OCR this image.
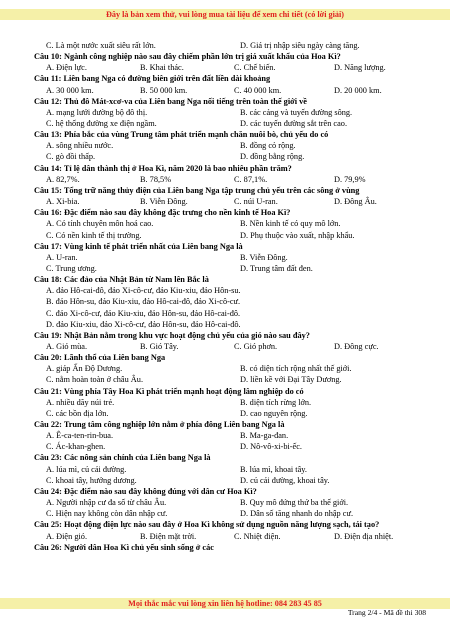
Đây là bản xem thử, vui lòng mua tài liệu để xem chi tiết (có lời giải)
C. Là một nước xuất siêu rất lớn.	D. Giá trị nhập siêu ngày càng tăng.
Câu 10: Ngành công nghiệp nào sau đây chiếm phần lớn trị giá xuất khẩu của Hoa Kì?
A. Điện lực.	B. Khai thác.	C. Chế biến.	D. Năng lượng.
Câu 11: Liên bang Nga có đường biên giới trên đất liền dài khoảng
A. 30 000 km.	B. 50 000 km.	C. 40 000 km.	D. 20 000 km.
Câu 12: Thủ đô Mát-xcơ-va của Liên bang Nga nối tiếng trên toàn thế giới về
A. mạng lưới đường bộ đô thị.	B. các cảng và tuyến đường sông.
C. hệ thống đường xe điện ngầm.	D. các tuyến đường sắt trên cao.
Câu 13: Phía bắc của vùng Trung tâm phát triển mạnh chăn nuôi bò, chủ yếu do có
A. sông nhiều nước.	B. đồng cỏ rộng.
C. gò đồi thấp.	D. đồng bằng rộng.
Câu 14: Tỉ lệ dân thành thị ở Hoa Kì, năm 2020 là bao nhiêu phần trăm?
A. 82,7%.	B. 78,5%	C. 87,1%.	D. 79,9%
Câu 15: Tổng trữ năng thủy điện của Liên bang Nga tập trung chủ yếu trên các sông ở vùng
A. Xi-bia.	B. Viễn Đông.	C. núi U-ran.	D. Đông Âu.
Câu 16: Đặc điểm nào sau đây không đặc trưng cho nền kinh tế Hoa Kì?
A. Có tính chuyên môn hoá cao.	B. Nền kinh tế có quy mô lớn.
C. Có nền kinh tế thị trường.	D. Phụ thuộc vào xuất, nhập khẩu.
Câu 17: Vùng kinh tế phát triển nhất của Liên bang Nga là
A. U-ran.	B. Viễn Đông.
C. Trung ương.	D. Trung tâm đất đen.
Câu 18: Các đảo của Nhật Bản từ Nam lên Bắc là
A. đảo Hô-cai-đô, đảo Xi-cô-cư, đảo Kiu-xiu, đảo Hôn-su.
B. đảo Hôn-su, đảo Kiu-xiu, đảo Hô-cai-đô, đảo Xi-cô-cư.
C. đảo Xi-cô-cư, đảo Kiu-xiu, đảo Hôn-su, đảo Hô-cai-đô.
D. đảo Kiu-xiu, đảo Xi-cô-cư, đảo Hôn-su, đảo Hô-cai-đô.
Câu 19: Nhật Bản nằm trong khu vực hoạt động chủ yếu của gió nào sau đây?
A. Gió mùa.	B. Gió Tây.	C. Gió phơn.	D. Đông cực.
Câu 20: Lãnh thổ của Liên bang Nga
A. giáp Ấn Độ Dương.	B. có diện tích rộng nhất thế giới.
C. nằm hoàn toàn ở châu Âu.	D. liền kề với Đại Tây Dương.
Câu 21: Vùng phía Tây Hoa Kì phát triển mạnh hoạt động lâm nghiệp do có
A. nhiều dãy núi trẻ.	B. diện tích rừng lớn.
C. các bồn địa lớn.	D. cao nguyên rộng.
Câu 22: Trung tâm công nghiệp lớn nằm ở phía đông Liên bang Nga là
A. Ê-ca-ten-rin-bua.	B. Ma-ga-đan.
C. Ác-khan-ghen.	D. Nô-vô-xi-bi-ếc.
Câu 23: Các nông sản chính của Liên bang Nga là
A. lúa mì, củ cải đường.	B. lúa mì, khoai tây.
C. khoai tây, hướng dương.	D. củ cải đường, khoai tây.
Câu 24: Đặc điểm nào sau đây không đúng với dân cư Hoa Kì?
A. Người nhập cư đa số từ châu Âu.	B. Quy mô đứng thứ ba thế giới.
C. Hiện nay không còn dân nhập cư.	D. Dân số tăng nhanh do nhập cư.
Câu 25: Hoạt động điện lực nào sau đây ở Hoa Kì không sử dụng nguồn năng lượng sạch, tái tạo?
A. Điện gió.	B. Điện mặt trời.	C. Nhiệt điện.	D. Điện địa nhiệt.
Câu 26: Người dân Hoa Kì chủ yếu sinh sống ở các
Mọi thắc mắc vui lòng xin liên hệ hotline: 084 283 45 85
Trang 2/4 - Mã đề thi 308
